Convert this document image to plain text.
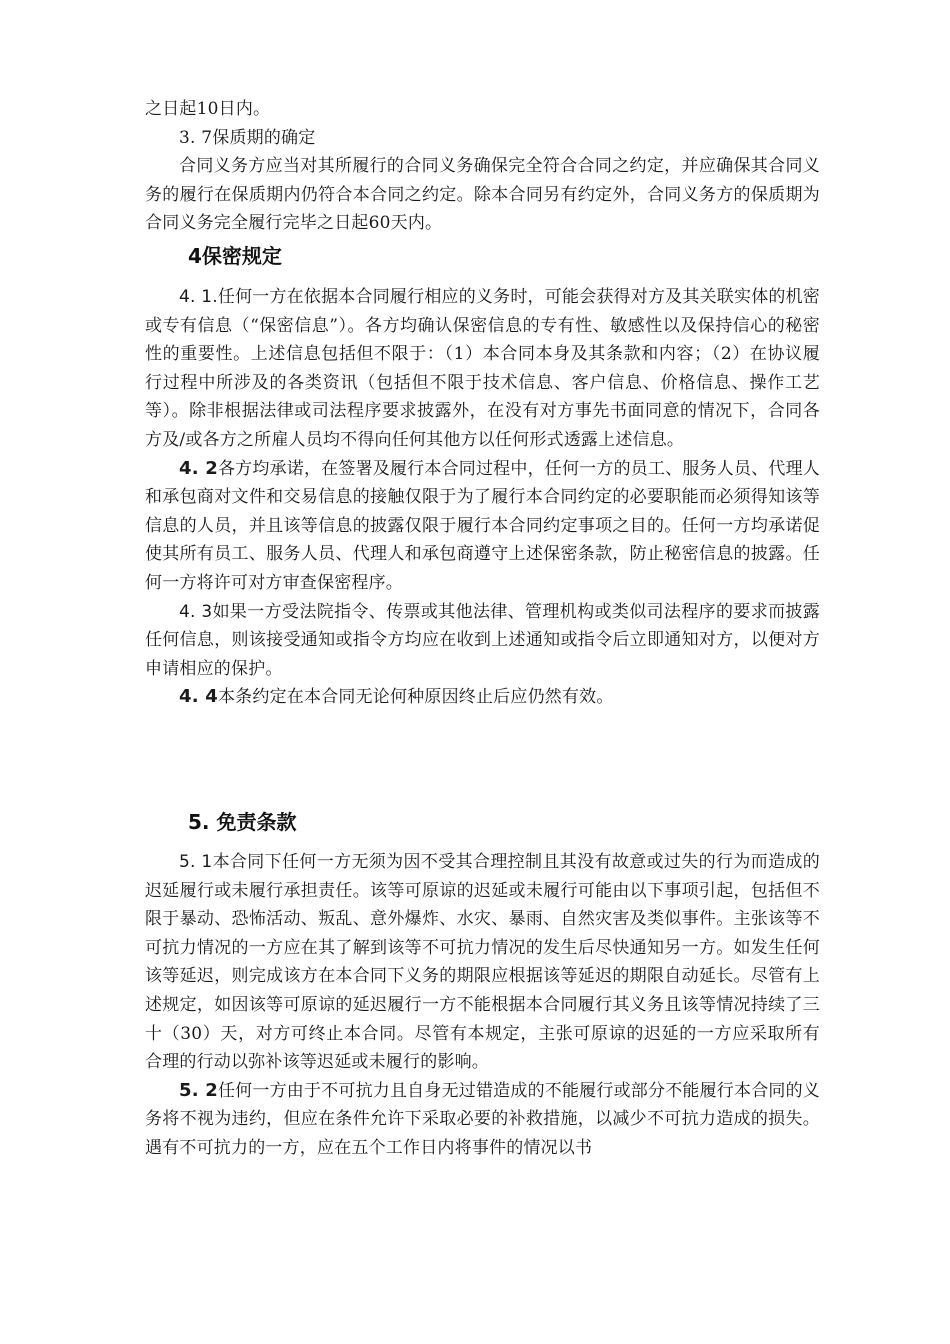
之日起10日内。

3. 7保质期的确定

合同义务方应当对其所履行的合同义务确保完全符合合同之约定，并应确保其合同义务的履行在保质期内仍符合本合同之约定。除本合同另有约定外，合同义务方的保质期为合同义务完全履行完毕之日起60天内。

4保密规定

4. 1.任何一方在依据本合同履行相应的义务时，可能会获得对方及其关联实体的机密或专有信息（“保密信息”）。各方均确认保密信息的专有性、敏感性以及保持信心的秘密性的重要性。上述信息包括但不限于：（1）本合同本身及其条款和内容；（2）在协议履行过程中所涉及的各类资讯（包括但不限于技术信息、客户信息、价格信息、操作工艺等）。除非根据法律或司法程序要求披露外，在没有对方事先书面同意的情况下，合同各方及/或各方之所雇人员均不得向任何其他方以任何形式透露上述信息。

4. 2各方均承诺，在签署及履行本合同过程中，任何一方的员工、服务人员、代理人和承包商对文件和交易信息的接触仅限于为了履行本合同约定的必要职能而必须得知该等信息的人员，并且该等信息的披露仅限于履行本合同约定事项之目的。任何一方均承诺促使其所有员工、服务人员、代理人和承包商遵守上述保密条款，防止秘密信息的披露。任何一方将许可对方审查保密程序。

4. 3如果一方受法院指令、传票或其他法律、管理机构或类似司法程序的要求而披露任何信息，则该接受通知或指令方均应在收到上述通知或指令后立即通知对方，以便对方申请相应的保护。

4. 4本条约定在本合同无论何种原因终止后应仍然有效。

5. 免责条款

5. 1本合同下任何一方无须为因不受其合理控制且其没有故意或过失的行为而造成的迟延履行或未履行承担责任。该等可原谅的迟延或未履行可能由以下事项引起，包括但不限于暴动、恐怖活动、叛乱、意外爆炸、水灾、暴雨、自然灾害及类似事件。主张该等不可抗力情况的一方应在其了解到该等不可抗力情况的发生后尽快通知另一方。如发生任何该等延迟，则完成该方在本合同下义务的期限应根据该等延迟的期限自动延长。尽管有上述规定，如因该等可原谅的延迟履行一方不能根据本合同履行其义务且该等情况持续了三十（30）天，对方可终止本合同。尽管有本规定，主张可原谅的迟延的一方应采取所有合理的行动以弥补该等迟延或未履行的影响。

5. 2任何一方由于不可抗力且自身无过错造成的不能履行或部分不能履行本合同的义务将不视为违约，但应在条件允许下采取必要的补救措施，以减少不可抗力造成的损失。遇有不可抗力的一方，应在五个工作日内将事件的情况以书
